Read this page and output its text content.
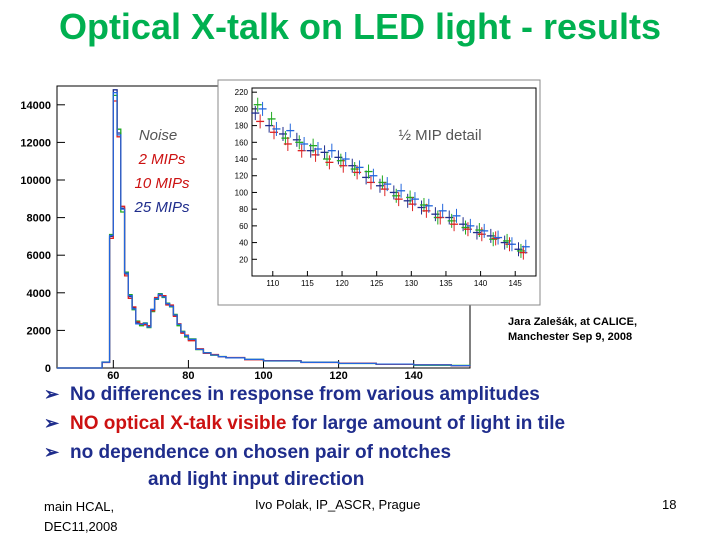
Optical X-talk on LED light - results
0
2000
4000
6000
8000
10000
12000
14000
60	80	100	120	140
Noise
2 MIPs
10 MIPs
25 MIPs
20
40
60
80
100
120
140
160
180
200
220
110	115	120	125	130	135	140	145
½ MIP detail
Jara Zalešák, at CALICE,
Manchester Sep 9, 2008
➢ No differences in response from various amplitudes
➢ NO optical X-talk visible for large amount of light in tile
➢ no dependence on chosen pair of notches
and light input direction
main HCAL,
DEC11,2008
Ivo Polak, IP_ASCR, Prague	18
